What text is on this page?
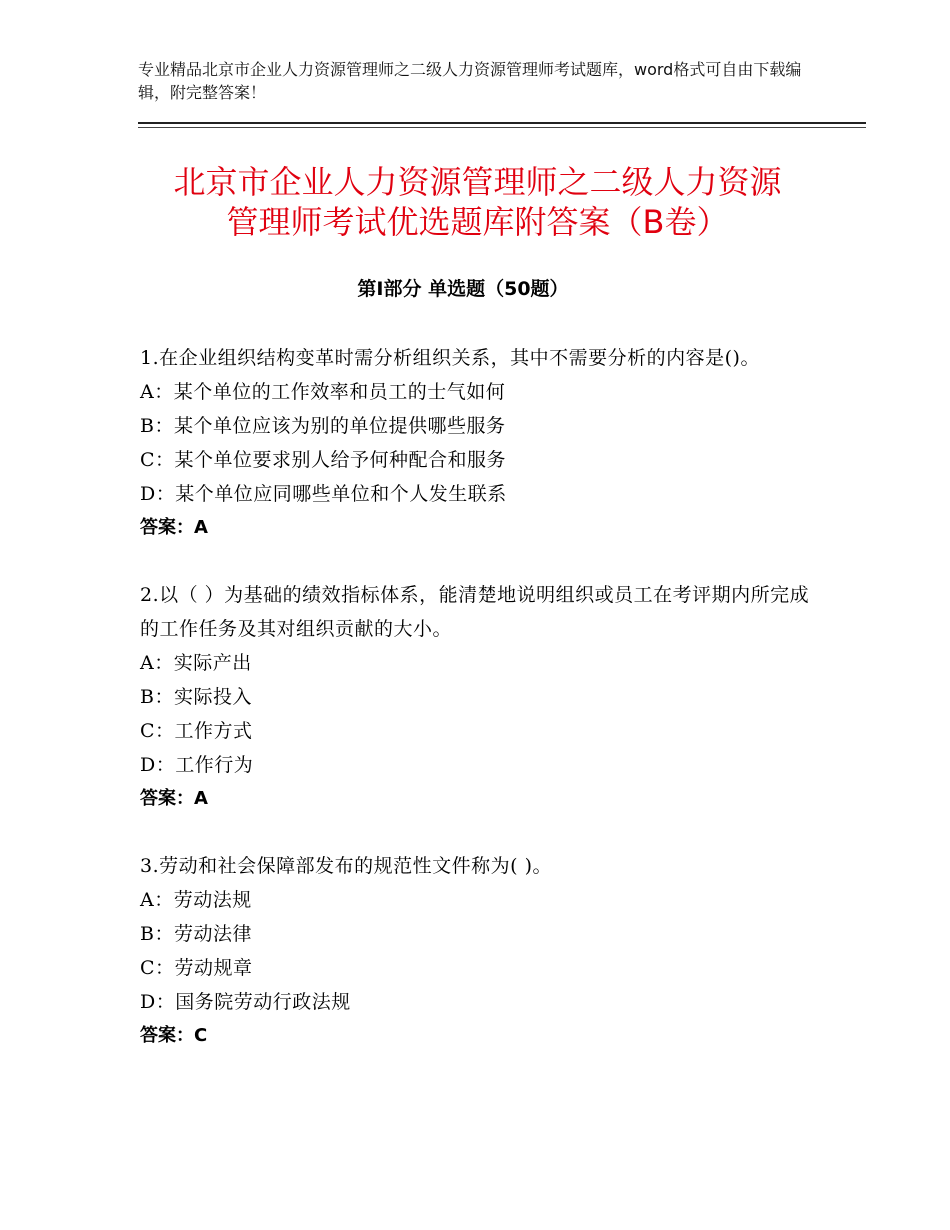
专业精品北京市企业人力资源管理师之二级人力资源管理师考试题库，word格式可自由下载编辑，附完整答案！
北京市企业人力资源管理师之二级人力资源
管理师考试优选题库附答案（B卷）
第Ⅰ部分 单选题（50题）
1.在企业组织结构变革时需分析组织关系，其中不需要分析的内容是()。
A：某个单位的工作效率和员工的士气如何
B：某个单位应该为别的单位提供哪些服务
C：某个单位要求别人给予何种配合和服务
D：某个单位应同哪些单位和个人发生联系
答案：A
2.以（ ）为基础的绩效指标体系，能清楚地说明组织或员工在考评期内所完成的工作任务及其对组织贡献的大小。
A：实际产出
B：实际投入
C：工作方式
D：工作行为
答案：A
3.劳动和社会保障部发布的规范性文件称为( )。
A：劳动法规
B：劳动法律
C：劳动规章
D：国务院劳动行政法规
答案：C
